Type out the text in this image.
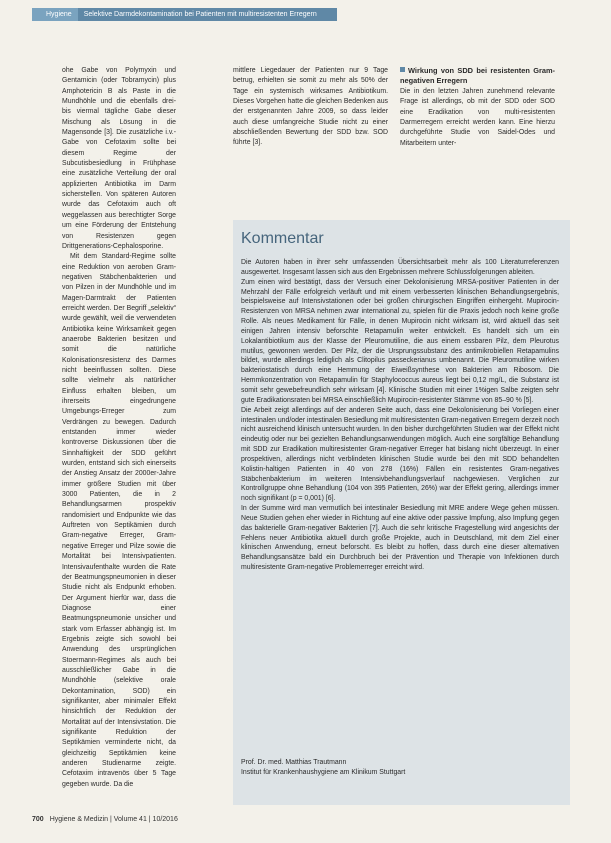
Hygiene Selektive Darmdekontamination bei Patienten mit multiresistenten Erregern

ohe Gabe von Polymyxin und Gentamicin (oder Tobramycin) plus Amphotericin B als Paste in die Mundhöhle und die ebenfalls drei- bis viermal tägliche Gabe dieser Mischung als Lösung in die Magensonde [3]. Die zusätzliche i.v.-Gabe von Cefotaxim sollte bei diesem Regime der Subcutisbesiedlung in Frühphase eine zusätzliche Verteilung der oral applizierten Antibiotika im Darm sicherstellen. Von späteren Autoren wurde das Cefotaxim auch oft weggelassen aus berechtigter Sorge um eine Förderung der Entstehung von Resistenzen gegen Drittgenerations-Cephalosporine.

Mit dem Standard-Regime sollte eine Reduktion von aeroben Gram-negativen Stäbchenbakterien und von Pilzen in der Mundhöhle und im Magen-Darmtrakt der Patienten erreicht werden. Der Begriff „selektiv“ wurde gewählt, weil die verwendeten Antibiotika keine Wirksamkeit gegen anaerobe Bakterien besitzen und somit die natürliche Kolonisationsresistenz des Darmes nicht beeinflussen sollten. Diese sollte vielmehr als natürlicher Einfluss erhalten bleiben, um ihrerseits eingedrungene Umgebungs-Erreger zum Verdrängen zu bewegen. Dadurch entstanden immer wieder kontroverse Diskussionen über die Sinnhaftigkeit der SDD geführt wurden, entstand sich sich einerseits der Anstieg Ansatz der 2000er-Jahre immer größere Studien mit über 3000 Patienten, die in 2 Behandlungsarmen prospektiv randomisiert und Endpunkte wie das Auftreten von Septikämien durch Gram-negative Erreger, Gram-negative Erreger und Pilze sowie die Mortalität bei Intensivpatienten. Intensivaufenthalte wurden die Rate der Beatmungspneumonien in dieser Studie nicht als Endpunkt erhoben. Der Argument hierfür war, dass die Diagnose einer Beatmungspneumonie unsicher und stark vom Erfasser abhängig ist. Im Ergebnis zeigte sich sowohl bei Anwendung des ursprünglichen Stoermann-Regimes als auch bei ausschließlicher Gabe in die Mundhöhle (selektive orale Dekontamination, SOD) ein signifikanter, aber minimaler Effekt hinsichtlich der Reduktion der Mortalität auf der Intensivstation. Die signifikante Reduktion der Septikämien verminderte nicht, da gleichzeitig Septikämien keine anderen Studienarme zeigte. Cefotaxim intravenös über 5 Tage gegeben wurde. Da die

mittlere Liegedauer der Patienten nur 9 Tage betrug, erhielten sie somit zu mehr als 50% der Tage ein systemisch wirksames Antibiotikum. Dieses Vorgehen hatte die gleichen Bedenken aus der erstgenannten Jahre 2009, so dass leider auch diese umfangreiche Studie nicht zu einer abschließenden Bewertung der SDD bzw. SOD führte [3].

Wirkung von SDD bei resistenten Gram-negativen Erregern

Die in den letzten Jahren zunehmend relevante Frage ist allerdings, ob mit der SDD oder SOD eine Eradikation von multi-resistenten Darmerregern erreicht werden kann. Eine hierzu durchgeführte Studie von Saidel-Odes und Mitarbeitern unter-

Kommentar

Die Autoren haben in ihrer sehr umfassenden Übersichtsarbeit mehr als 100 Literaturreferenzen ausgewertet. Insgesamt lassen sich aus den Ergebnissen mehrere Schlussfolgerungen ableiten.

Zum einen wird bestätigt, dass der Versuch einer Dekolonisierung MRSA-positiver Patienten in der Mehrzahl der Fälle erfolgreich verläuft und mit einem verbesserten klinischen Behandlungsergebnis, beispielsweise auf Intensivstationen oder bei großen chirurgischen Eingriffen einhergeht. Mupirocin-Resistenzen von MRSA nehmen zwar international zu, spielen für die Praxis jedoch noch keine große Rolle. Als neues Medikament für Fälle, in denen Mupirocin nicht wirksam ist, wird aktuell das seit einigen Jahren intensiv beforschte Retapamulin weiter entwickelt. Es handelt sich um ein Lokalantibiotikum aus der Klasse der Pleuromutiline, die aus einem essbaren Pilz, dem Pleurotus mutilus, gewonnen werden. Der Pilz, der die Ursprungssubstanz des antimikrobiellen Retapamulins bildet, wurde allerdings lediglich als Clitopilus passeckerianus umbenannt. Die Pleuromutiline wirken bakteriostatisch durch eine Hemmung der Eiweißsynthese von Bakterien am Ribosom. Die Hemmkonzentration von Retapamulin für Staphylococcus aureus liegt bei 0,12 mg/L, die Substanz ist somit sehr gewebefreundlich sehr wirksam [4]. Klinische Studien mit einer 1%igen Salbe zeigten sehr gute Eradikationsraten bei MRSA einschließlich Mupirocin-resistenter Stämme von 85–90 % [5].

Die Arbeit zeigt allerdings auf der anderen Seite auch, dass eine Dekolonisierung bei Vorliegen einer intestinalen und/oder intestinalen Besiedlung mit multiresistenten Gram-negativen Erregern derzeit noch nicht ausreichend klinisch untersucht wurden. In den bisher durchgeführten Studien war der Effekt nicht eindeutig oder nur bei gezielten Behandlungsanwendungen möglich. Auch eine sorgfältige Behandlung mit SDD zur Eradikation multiresistenter Gram-negativer Erreger hat bislang nicht überzeugt. In einer prospektiven, allerdings nicht verblindeten klinischen Studie wurde bei den mit SDD behandelten Kolistin-haltigen Patienten in 40 von 278 (16%) Fällen ein resistentes Gram-negatives Stäbchenbakterium im weiteren Intensivbehandlungsverlauf nachgewiesen. Verglichen zur Kontrollgruppe ohne Behandlung (104 von 395 Patienten, 26%) war der Effekt gering, allerdings immer noch signifikant (p = 0,001) [6].

In der Summe wird man vermutlich bei intestinaler Besiedlung mit MRE andere Wege gehen müssen. Neue Studien gehen eher wieder in Richtung auf eine aktive oder passive Impfung, also Impfung gegen das bakterielle Gram-negativer Bakterien [7]. Auch die sehr kritische Fragestellung wird angesichts der Fehlens neuer Antibiotika aktuell durch große Projekte, auch in Deutschland, mit dem Ziel einer klinischen Anwendung, erneut beforscht. Es bleibt zu hoffen, dass durch eine dieser alternativen Behandlungsansätze bald ein Durchbruch bei der Prävention und Therapie von Infektionen durch multiresistente Gram-negative Problemerreger erreicht wird.

Prof. Dr. med. Matthias Trautmann
Institut für Krankenhaushygiene am Klinikum Stuttgart
700 Hygiene & Medizin | Volume 41 | 10/2016
